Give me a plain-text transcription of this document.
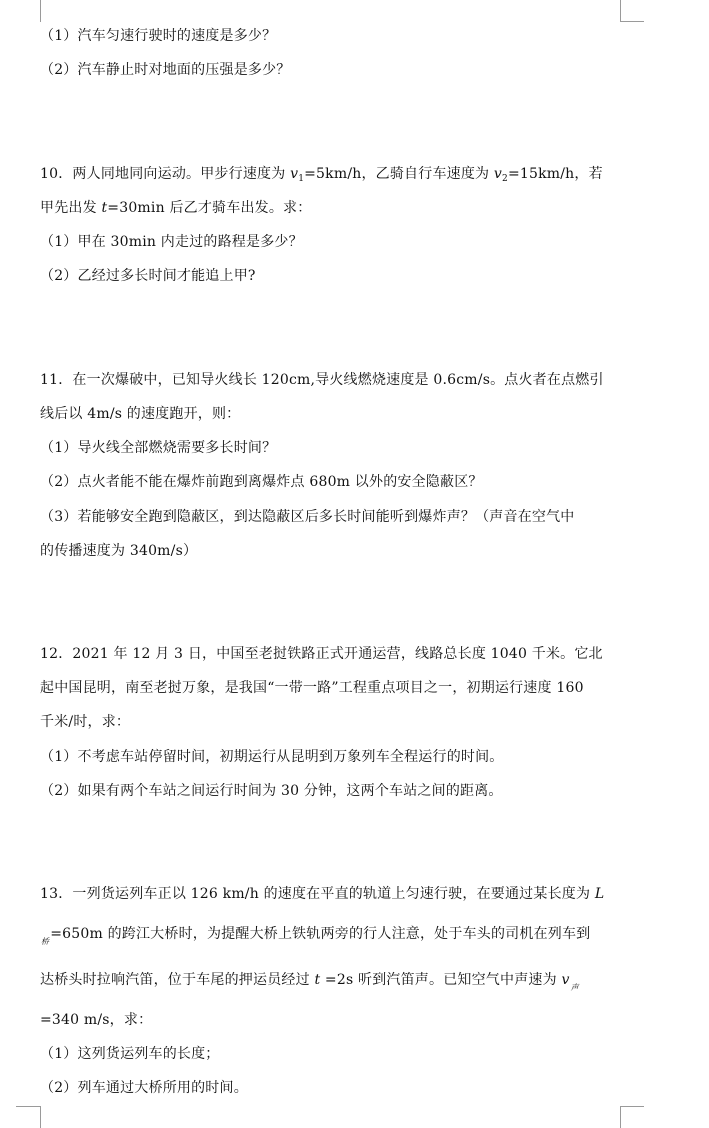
（1）汽车匀速行驶时的速度是多少？
（2）汽车静止时对地面的压强是多少？
10．两人同地同向运动。甲步行速度为 $v_1=5km/h$，乙骑自行车速度为 $v_2=15km/h$，若
甲先出发 t=30min 后乙才骑车出发。求：
（1）甲在 30min 内走过的路程是多少？
（2）乙经过多长时间才能追上甲?
11．在一次爆破中，已知导火线长 120cm,导火线燃烧速度是 0.6cm/s。点火者在点燃引
线后以 4m/s 的速度跑开，则：
（1）导火线全部燃烧需要多长时间？
（2）点火者能不能在爆炸前跑到离爆炸点 680m 以外的安全隐蔽区？
（3）若能够安全跑到隐蔽区，到达隐蔽区后多长时间能听到爆炸声？（声音在空气中
的传播速度为 340m/s）
12．2021 年 12 月 3 日，中国至老挝铁路正式开通运营，线路总长度 1040 千米。它北
起中国昆明，南至老挝万象，是我国“一带一路”工程重点项目之一，初期运行速度 160
千米/时，求：
（1）不考虑车站停留时间，初期运行从昆明到万象列车全程运行的时间。
（2）如果有两个车站之间运行时间为 30 分钟，这两个车站之间的距离。
13．一列货运列车正以 126 km/h 的速度在平直的轨道上匀速行驶，在要通过某长度为 L
$_桥$=650m 的跨江大桥时，为提醒大桥上铁轨两旁的行人注意，处于车头的司机在列车到
达桥头时拉响汽笛，位于车尾的押运员经过 t =2s 听到汽笛声。已知空气中声速为 $v_声$
=340 m/s，求：
（1）这列货运列车的长度；
（2）列车通过大桥所用的时间。
